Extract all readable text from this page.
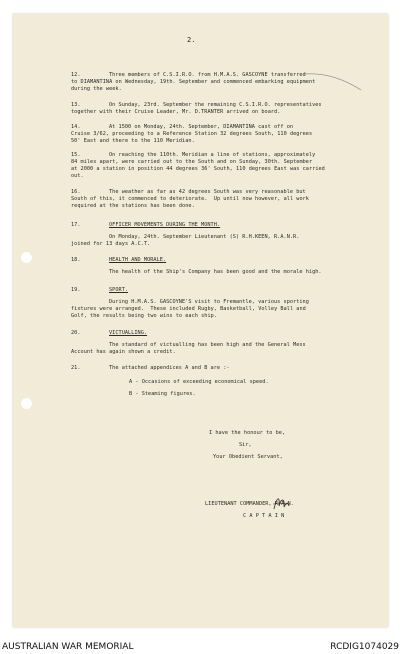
2.
12.	Three members of C.S.I.R.O. from H.M.A.S. GASCOYNE transferred
to DIAMANTINA on Wednesday, 19th. September and commenced embarking equipment
during the week.
13.	On Sunday, 23rd. September the remaining C.S.I.R.O. representatives
together with their Cruise Leader, Mr. D.TRANTER arrived on board.
14.	At 1500 on Monday, 24th. September, DIAMANTINA cast off on
Cruise 3/62, proceeding to a Reference Station 32 degrees South, 110 degrees
50' East and there to the 110 Meridian.
15.	On reaching the 110th. Meridian a line of stations, approximately
84 miles apart, were carried out to the South and on Sunday, 30th. September
at 2000 a station in position 44 degrees 36' South, 110 degrees East was carried
out.
16.	The weather as far as 42 degrees South was very reasonable but
South of this, it commenced to deteriorate.  Up until now however, all work
required at the stations has been done.
17.	OFFICER MOVEMENTS DURING THE MONTH.
On Monday, 24th. September Lieutenant (S) R.H.KEEN, R.A.N.R.
joined for 13 days A.C.T.
18.	HEALTH AND MORALE.
The health of the Ship's Company has been good and the morale high.
19.	SPORT.
During H.M.A.S. GASCOYNE'S visit to Fremantle, various sporting
fixtures were arranged.  These included Rugby, Basketball, Volley Ball and
Golf, the results being two wins to each ship.
20.	VICTUALLING.
The standard of victualling has been high and the General Mess
Account has again shown a credit.
21.	The attached appendices A and B are :-
A - Occasions of exceeding economical speed.
B - Steaming figures.
I have the honour to be,
Sir,
Your Obedient Servant,
LIEUTENANT COMMANDER, R.A.N.
C A P T A I N
AUSTRALIAN WAR MEMORIAL	RCDIG1074029
